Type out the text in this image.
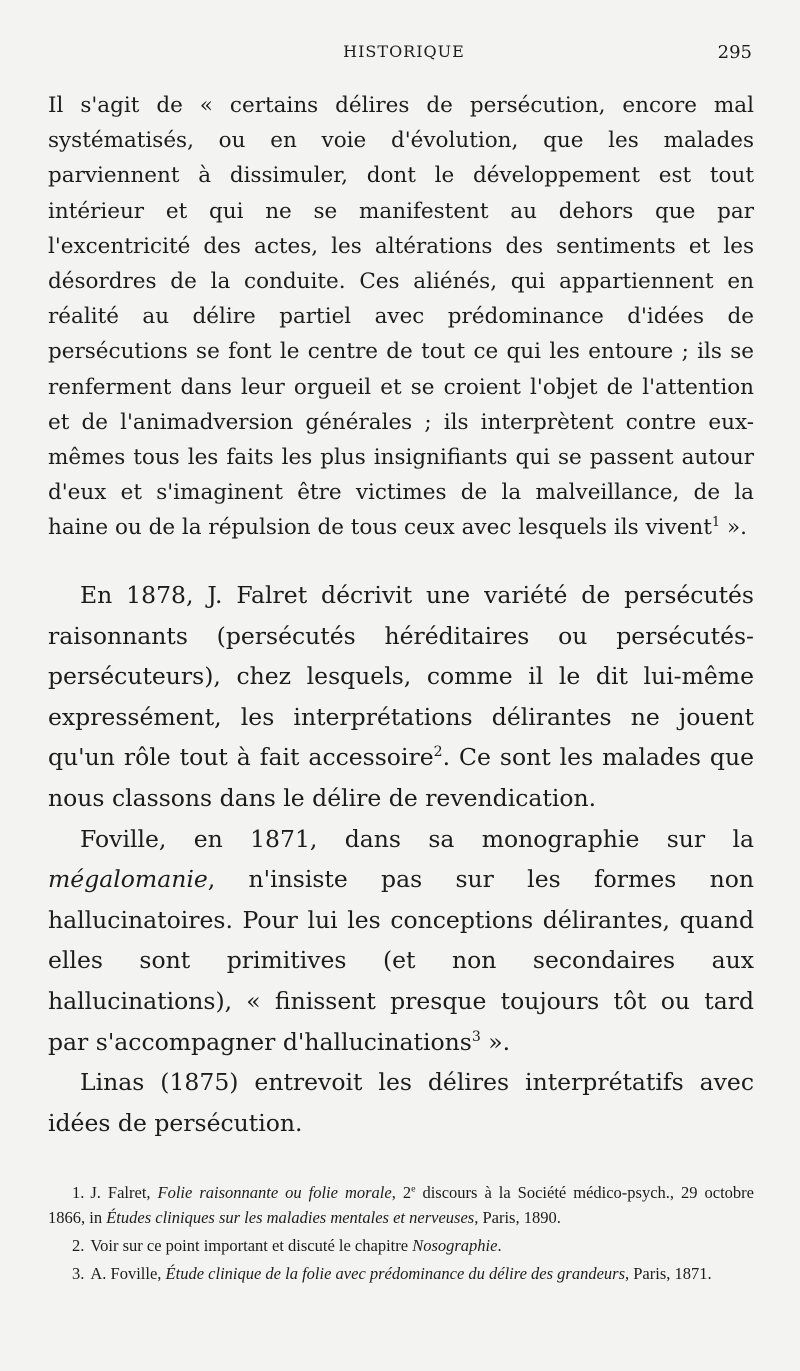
HISTORIQUE	295

Il s'agit de « certains délires de persécution, encore mal systématisés, ou en voie d'évolution, que les malades parviennent à dissimuler, dont le développement est tout intérieur et qui ne se manifestent au dehors que par l'excentricité des actes, les altérations des sentiments et les désordres de la conduite. Ces aliénés, qui appartiennent en réalité au délire partiel avec prédominance d'idées de persécutions se font le centre de tout ce qui les entoure ; ils se renferment dans leur orgueil et se croient l'objet de l'attention et de l'animadversion générales ; ils interprètent contre eux-mêmes tous les faits les plus insignifiants qui se passent autour d'eux et s'imaginent être victimes de la malveillance, de la haine ou de la répulsion de tous ceux avec lesquels ils vivent$^1$ ».

En 1878, J. Falret décrivit une variété de persécutés raisonnants (persécutés héréditaires ou persécutés-persécuteurs), chez lesquels, comme il le dit lui-même expressément, les interprétations délirantes ne jouent qu'un rôle tout à fait accessoire$^2$. Ce sont les malades que nous classons dans le délire de revendication.

Foville, en 1871, dans sa monographie sur la mégalomanie, n'insiste pas sur les formes non hallucinatoires. Pour lui les conceptions délirantes, quand elles sont primitives (et non secondaires aux hallucinations), « finissent presque toujours tôt ou tard par s'accompagner d'hallucinations$^3$ ».

Linas (1875) entrevoit les délires interprétatifs avec idées de persécution.

1. J. Falret, Folie raisonnante ou folie morale, 2e discours à la Société médico-psych., 29 octobre 1866, in Études cliniques sur les maladies mentales et nerveuses, Paris, 1890.

2. Voir sur ce point important et discuté le chapitre Nosographie.

3. A. Foville, Étude clinique de la folie avec prédominance du délire des grandeurs, Paris, 1871.
